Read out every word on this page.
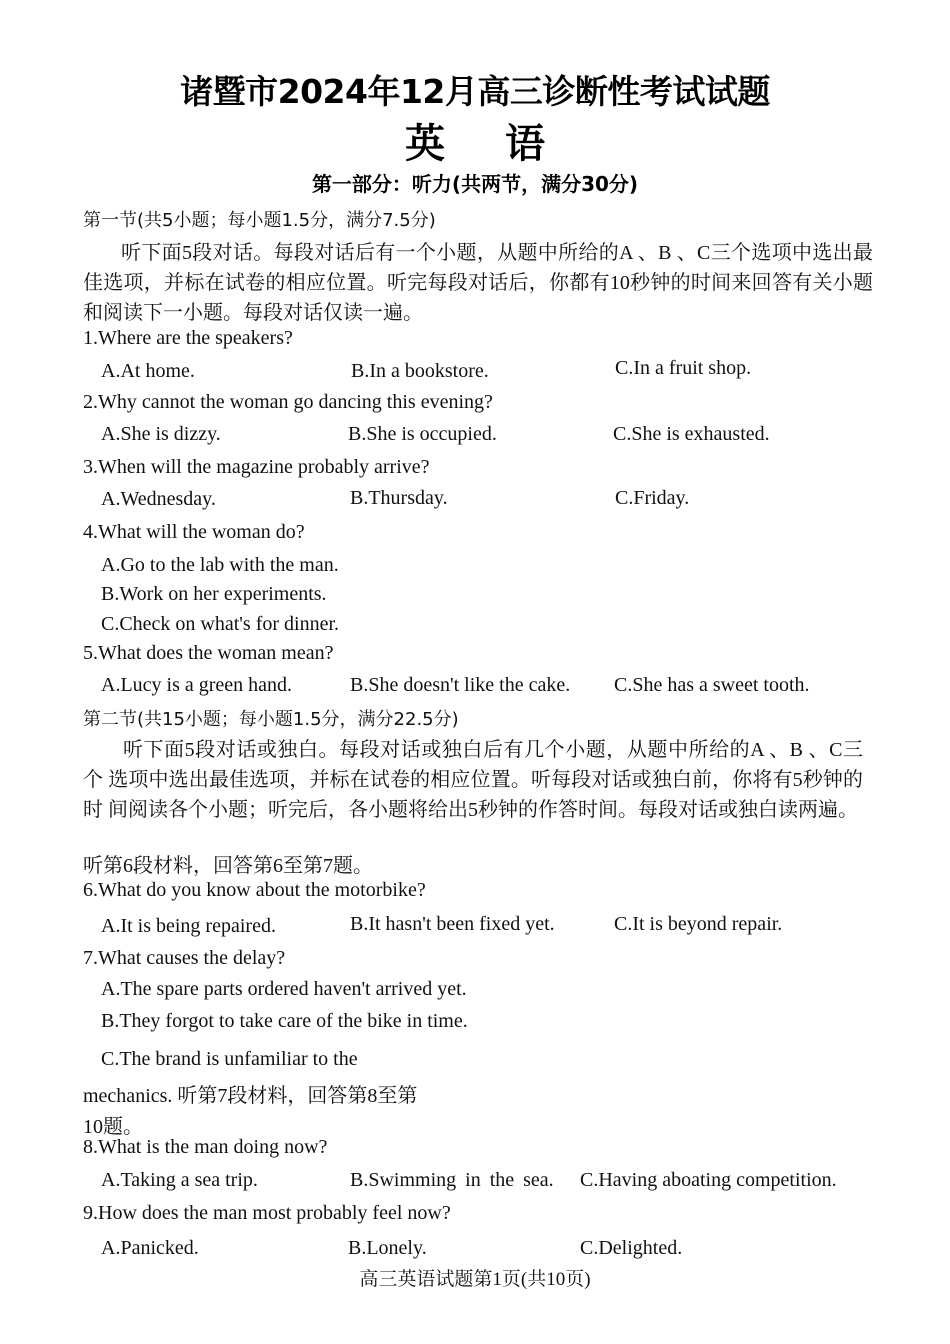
诸暨市2024年12月高三诊断性考试试题
英 语
第一部分：听力(共两节，满分30分)
第一节(共5小题；每小题1.5分，满分7.5分)
听下面5段对话。每段对话后有一个小题，从题中所给的A 、B 、C三个选项中选出最 佳选项，并标在试卷的相应位置。听完每段对话后，你都有10秒钟的时间来回答有关小题 和阅读下一小题。每段对话仅读一遍。
1.Where are the speakers?
A.At home.	B.In a bookstore.	C.In a fruit shop.
2.Why cannot the woman go dancing this evening?
A.She is dizzy.	B.She is occupied.	C.She is exhausted.
3.When will the magazine probably arrive?
A.Wednesday.	B.Thursday.	C.Friday.
4.What will the woman do?
A.Go to the lab with the man.
B.Work on her experiments.
C.Check on what's for dinner.
5.What does the woman mean?
A.Lucy is a green hand.	B.She doesn't like the cake. C.She has a sweet tooth.
第二节(共15小题；每小题1.5分，满分22.5分)
听下面5段对话或独白。每段对话或独白后有几个小题，从题中所给的A 、B 、C三个 选项中选出最佳选项，并标在试卷的相应位置。听每段对话或独白前，你将有5秒钟的时 间阅读各个小题；听完后，各小题将给出5秒钟的作答时间。每段对话或独白读两遍。
听第6段材料，回答第6至第7题。
6.What do you know about the motorbike?
A.It is being repaired.	B.It hasn't been fixed yet.	C.It is beyond repair.
7.What causes the delay?
A.The spare parts ordered haven't arrived yet.
B.They forgot to take care of the bike in time.
C.The brand is unfamiliar to the
mechanics. 听第7段材料，回答第8至第
10题。
8.What is the man doing now?
A.Taking a sea trip.	B.Swimming in the sea. C.Having aboating competition.
9.How does the man most probably feel now?
A.Panicked.	B.Lonely.	C.Delighted.
高三英语试题第1页(共10页)
